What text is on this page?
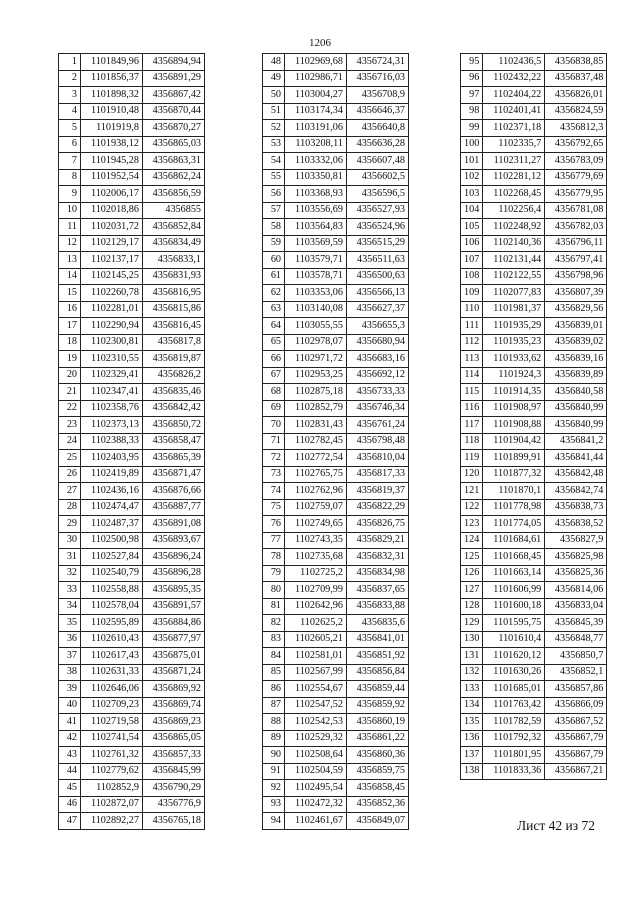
1206
1	1101849,96	4356894,94
2	1101856,37	4356891,29
3	1101898,32	4356867,42
4	1101910,48	4356870,44
5	1101919,8	4356870,27
6	1101938,12	4356865,03
7	1101945,28	4356863,31
8	1101952,54	4356862,24
9	1102006,17	4356856,59
10	1102018,86	4356855
11	1102031,72	4356852,84
12	1102129,17	4356834,49
13	1102137,17	4356833,1
14	1102145,25	4356831,93
15	1102260,78	4356816,95
16	1102281,01	4356815,86
17	1102290,94	4356816,45
18	1102300,81	4356817,8
19	1102310,55	4356819,87
20	1102329,41	4356826,2
21	1102347,41	4356835,46
22	1102358,76	4356842,42
23	1102373,13	4356850,72
24	1102388,33	4356858,47
25	1102403,95	4356865,39
26	1102419,89	4356871,47
27	1102436,16	4356876,66
28	1102474,47	4356887,77
29	1102487,37	4356891,08
30	1102500,98	4356893,67
31	1102527,84	4356896,24
32	1102540,79	4356896,28
33	1102558,88	4356895,35
34	1102578,04	4356891,57
35	1102595,89	4356884,86
36	1102610,43	4356877,97
37	1102617,43	4356875,01
38	1102631,33	4356871,24
39	1102646,06	4356869,92
40	1102709,23	4356869,74
41	1102719,58	4356869,23
42	1102741,54	4356865,05
43	1102761,32	4356857,33
44	1102779,62	4356845,99
45	1102852,9	4356790,29
46	1102872,07	4356776,9
47	1102892,27	4356765,18
48	1102969,68	4356724,31
49	1102986,71	4356716,03
50	1103004,27	4356708,9
51	1103174,34	4356646,37
52	1103191,06	4356640,8
53	1103208,11	4356636,28
54	1103332,06	4356607,48
55	1103350,81	4356602,5
56	1103368,93	4356596,5
57	1103556,69	4356527,93
58	1103564,83	4356524,96
59	1103569,59	4356515,29
60	1103579,71	4356511,63
61	1103578,71	4356500,63
62	1103353,06	4356566,13
63	1103140,08	4356627,37
64	1103055,55	4356655,3
65	1102978,07	4356680,94
66	1102971,72	4356683,16
67	1102953,25	4356692,12
68	1102875,18	4356733,33
69	1102852,79	4356746,34
70	1102831,43	4356761,24
71	1102782,45	4356798,48
72	1102772,54	4356810,04
73	1102765,75	4356817,33
74	1102762,96	4356819,37
75	1102759,07	4356822,29
76	1102749,65	4356826,75
77	1102743,35	4356829,21
78	1102735,68	4356832,31
79	1102725,2	4356834,98
80	1102709,99	4356837,65
81	1102642,96	4356833,88
82	1102625,2	4356835,6
83	1102605,21	4356841,01
84	1102581,01	4356851,92
85	1102567,99	4356856,84
86	1102554,67	4356859,44
87	1102547,52	4356859,92
88	1102542,53	4356860,19
89	1102529,32	4356861,22
90	1102508,64	4356860,36
91	1102504,59	4356859,75
92	1102495,54	4356858,45
93	1102472,32	4356852,36
94	1102461,67	4356849,07
95	1102436,5	4356838,85
96	1102432,22	4356837,48
97	1102404,22	4356826,01
98	1102401,41	4356824,59
99	1102371,18	4356812,3
100	1102335,7	4356792,65
101	1102311,27	4356783,09
102	1102281,12	4356779,69
103	1102268,45	4356779,95
104	1102256,4	4356781,08
105	1102248,92	4356782,03
106	1102140,36	4356796,11
107	1102131,44	4356797,41
108	1102122,55	4356798,96
109	1102077,83	4356807,39
110	1101981,37	4356829,56
111	1101935,29	4356839,01
112	1101935,23	4356839,02
113	1101933,62	4356839,16
114	1101924,3	4356839,89
115	1101914,35	4356840,58
116	1101908,97	4356840,99
117	1101908,88	4356840,99
118	1101904,42	4356841,2
119	1101899,91	4356841,44
120	1101877,32	4356842,48
121	1101870,1	4356842,74
122	1101778,98	4356838,73
123	1101774,05	4356838,52
124	1101684,61	4356827,9
125	1101668,45	4356825,98
126	1101663,14	4356825,36
127	1101606,99	4356814,06
128	1101600,18	4356833,04
129	1101595,75	4356845,39
130	1101610,4	4356848,77
131	1101620,12	4356850,7
132	1101630,26	4356852,1
133	1101685,01	4356857,86
134	1101763,42	4356866,09
135	1101782,59	4356867,52
136	1101792,32	4356867,79
137	1101801,95	4356867,79
138	1101833,36	4356867,21
Лист 42 из 72
